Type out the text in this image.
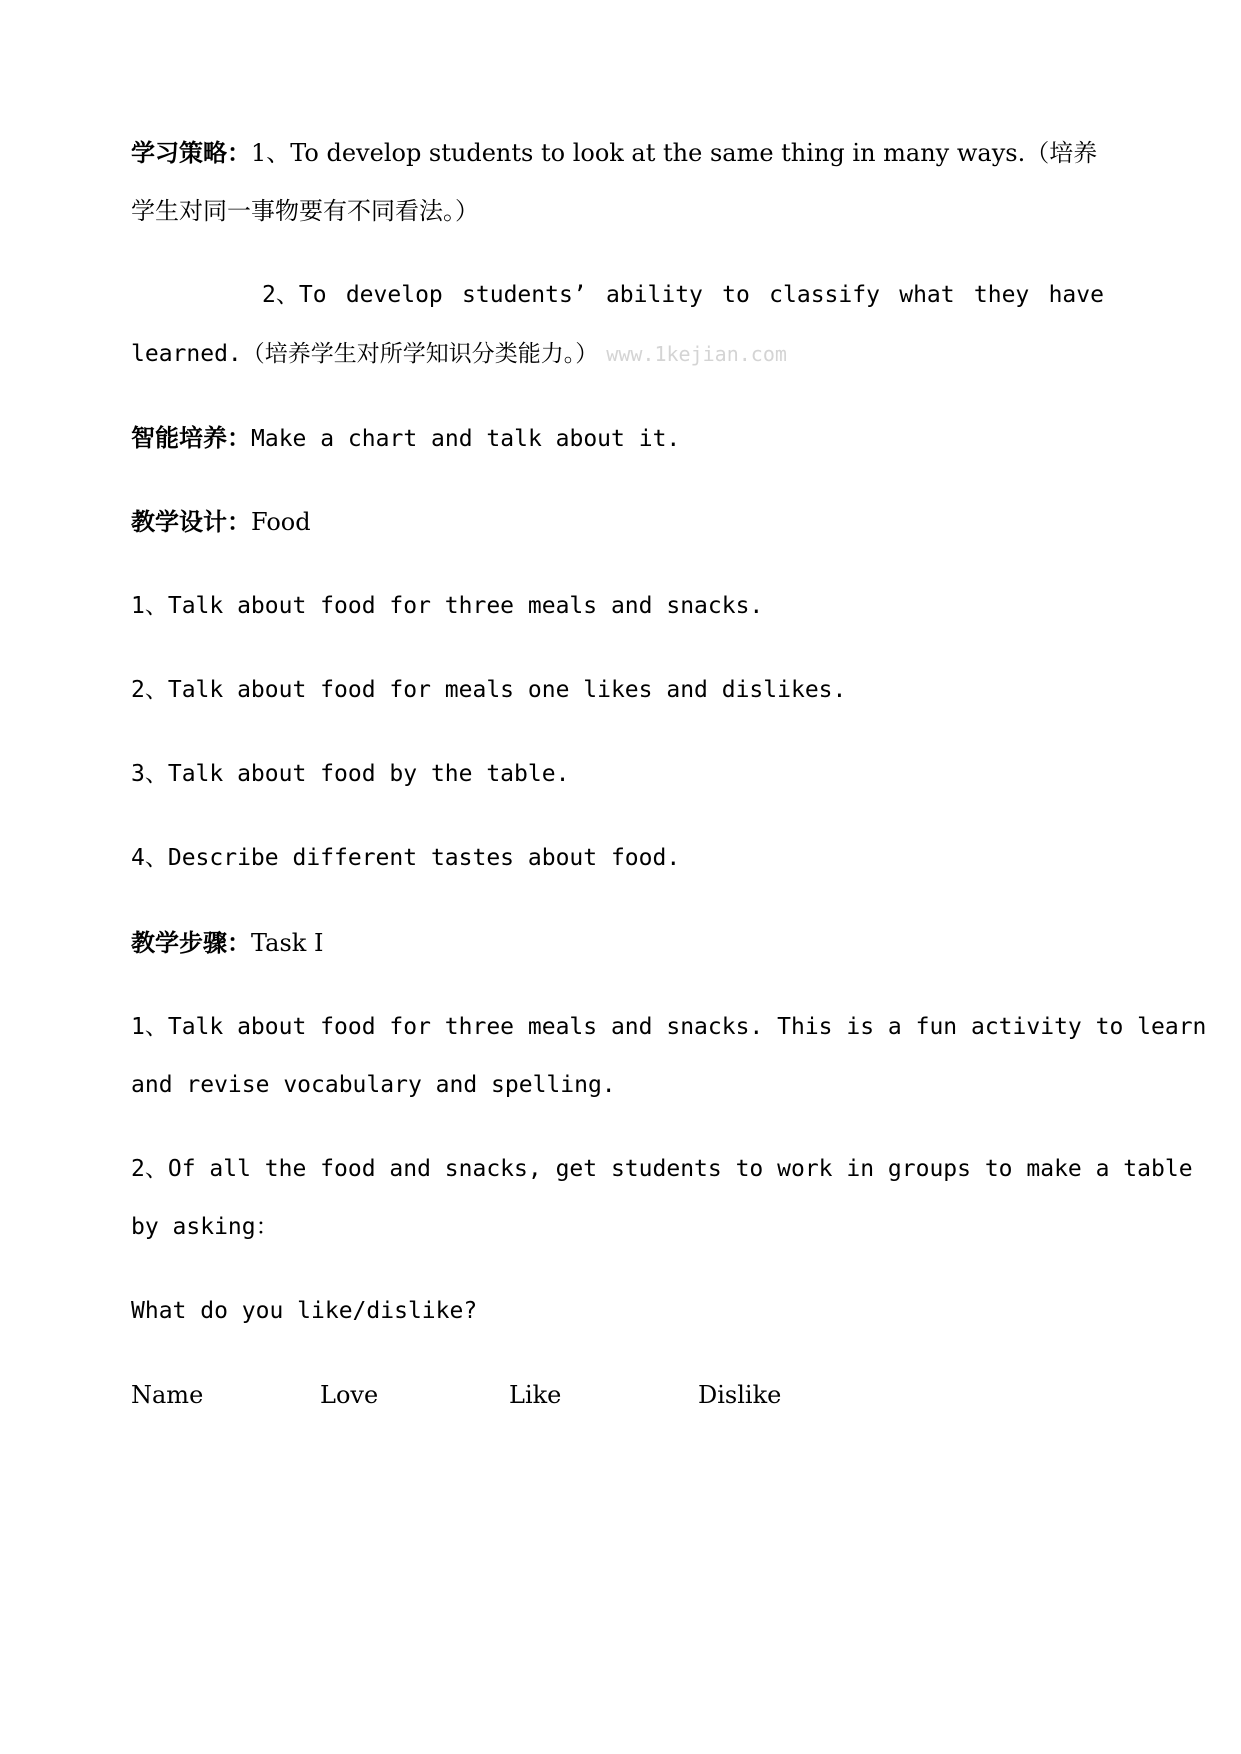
学习策略：1、To develop students to look at the same thing in many ways.（培养
学生对同一事物要有不同看法。）
2、To develop students’ ability to classify what they have
learned.（培养学生对所学知识分类能力。） www.1kejian.com
智能培养：Make a chart and talk about it.
教学设计：Food
1、Talk about food for three meals and snacks.
2、Talk about food for meals one likes and dislikes.
3、Talk about food by the table.
4、Describe different tastes about food.
教学步骤：Task Ⅰ
1、Talk about food for three meals and snacks. This is a fun activity to learn
and revise vocabulary and spelling.
2、Of all the food and snacks, get students to work in groups to make a table
by asking：
What do you like/dislike?
Name	Love	Like	Dislike
